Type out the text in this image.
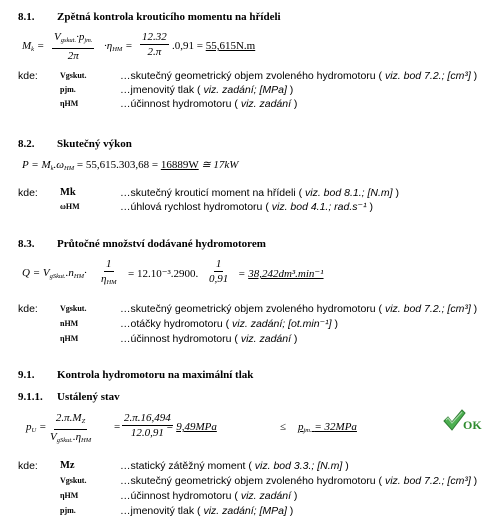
8.1. Zpětná kontrola krouticího momentu na hřídeli
$M_k$ =
$V_{gskut.}\cdot p_{jm.}$
2π
$\cdot\eta_{HM} = \frac{12.32}{2.\pi} .0,91 = 55,615N.m$
kde:	Vgskut.	…skutečný geometrický objem zvoleného hydromotoru ( viz. bod 7.2.; [cm³] )
pjm.	…jmenovitý tlak ( viz. zadání; [MPa] )
ηHM	…účinnost hydromotoru ( viz. zadání )
8.2. Skutečný výkon
$P = M_k.\omega_{HM} = 55,615.303,68 = 16889W$ ≅ 17kW
kde: Mk	…skutečný krouticí moment na hřídeli ( viz. bod 8.1.; [N.m] )
ωHM	…úhlová rychlost hydromotoru ( viz. bod 4.1.; rad.s⁻¹ )
8.3. Průtočné množství dodávané hydromotorem
$Q = V_{gSkut.}.n_{HM}\cdot$
1
$\eta_{HM}$
= 12.10⁻³.2900. $\frac{1}{0,91} = 38,242dm^3.\min^{-1}$
kde:	Vgskut.	…skutečný geometrický objem zvoleného hydromotoru ( viz. bod 7.2.; [cm³] )
nHM	…otáčky hydromotoru ( viz. zadání; [ot.min⁻¹] )
ηHM	…účinnost hydromotoru ( viz. zadání )
9.1. Kontrola hydromotoru na maximální tlak
9.1.1. Ustálený stav
$p_U$ =
$2.\pi.M_Z$
$V_{gSkut.}.\eta_{HM}$
= $\frac{2.\pi.16,494}{12.0,91}$
= 9,49MPa	≤ $p_{jm.} = 32MPa$	OK
kde: Mz	…statický zátěžný moment ( viz. bod 3.3.; [N.m] )
Vgskut.	…skutečný geometrický objem zvoleného hydromotoru ( viz. bod 7.2.; [cm³] )
ηHM	…účinnost hydromotoru ( viz. zadání )
pjm.	…jmenovitý tlak ( viz. zadání; [MPa] )
